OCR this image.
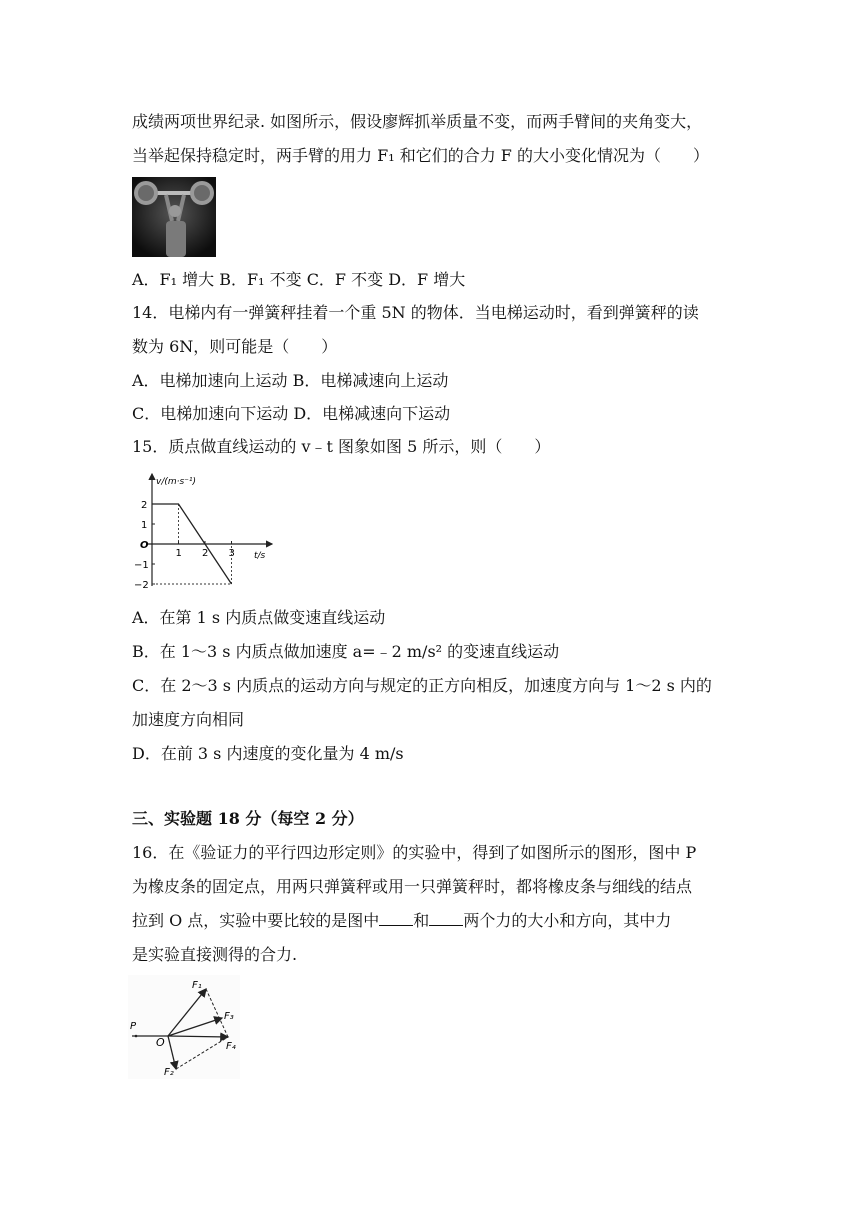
成绩两项世界纪录. 如图所示，假设廖辉抓举质量不变，而两手臂间的夹角变大，
当举起保持稳定时，两手臂的用力 F₁ 和它们的合力 F 的大小变化情况为（　　）
A．F₁ 增大 B．F₁ 不变 C．F 不变 D．F 增大
14．电梯内有一弹簧秤挂着一个重 5N 的物体．当电梯运动时，看到弹簧秤的读
数为 6N，则可能是（　　）
A．电梯加速向上运动 B．电梯减速向上运动
C．电梯加速向下运动 D．电梯减速向下运动
15．质点做直线运动的 v﹣t 图象如图 5 所示，则（　　）
v/(m·s⁻¹)
t/s
O
1 2 3
2
1
−1
−2
A．在第 1 s 内质点做变速直线运动
B．在 1～3 s 内质点做加速度 a=﹣2 m/s² 的变速直线运动
C．在 2～3 s 内质点的运动方向与规定的正方向相反，加速度方向与 1～2 s 内的
加速度方向相同
D．在前 3 s 内速度的变化量为 4 m/s
三、实验题 18 分（每空 2 分）
16．在《验证力的平行四边形定则》的实验中，得到了如图所示的图形，图中 P
为橡皮条的固定点，用两只弹簧秤或用一只弹簧秤时，都将橡皮条与细线的结点
拉到 O 点，实验中要比较的是图中 和 两个力的大小和方向，其中力
是实验直接测得的合力.
P
O
F₁
F₂
F₃
F₄
